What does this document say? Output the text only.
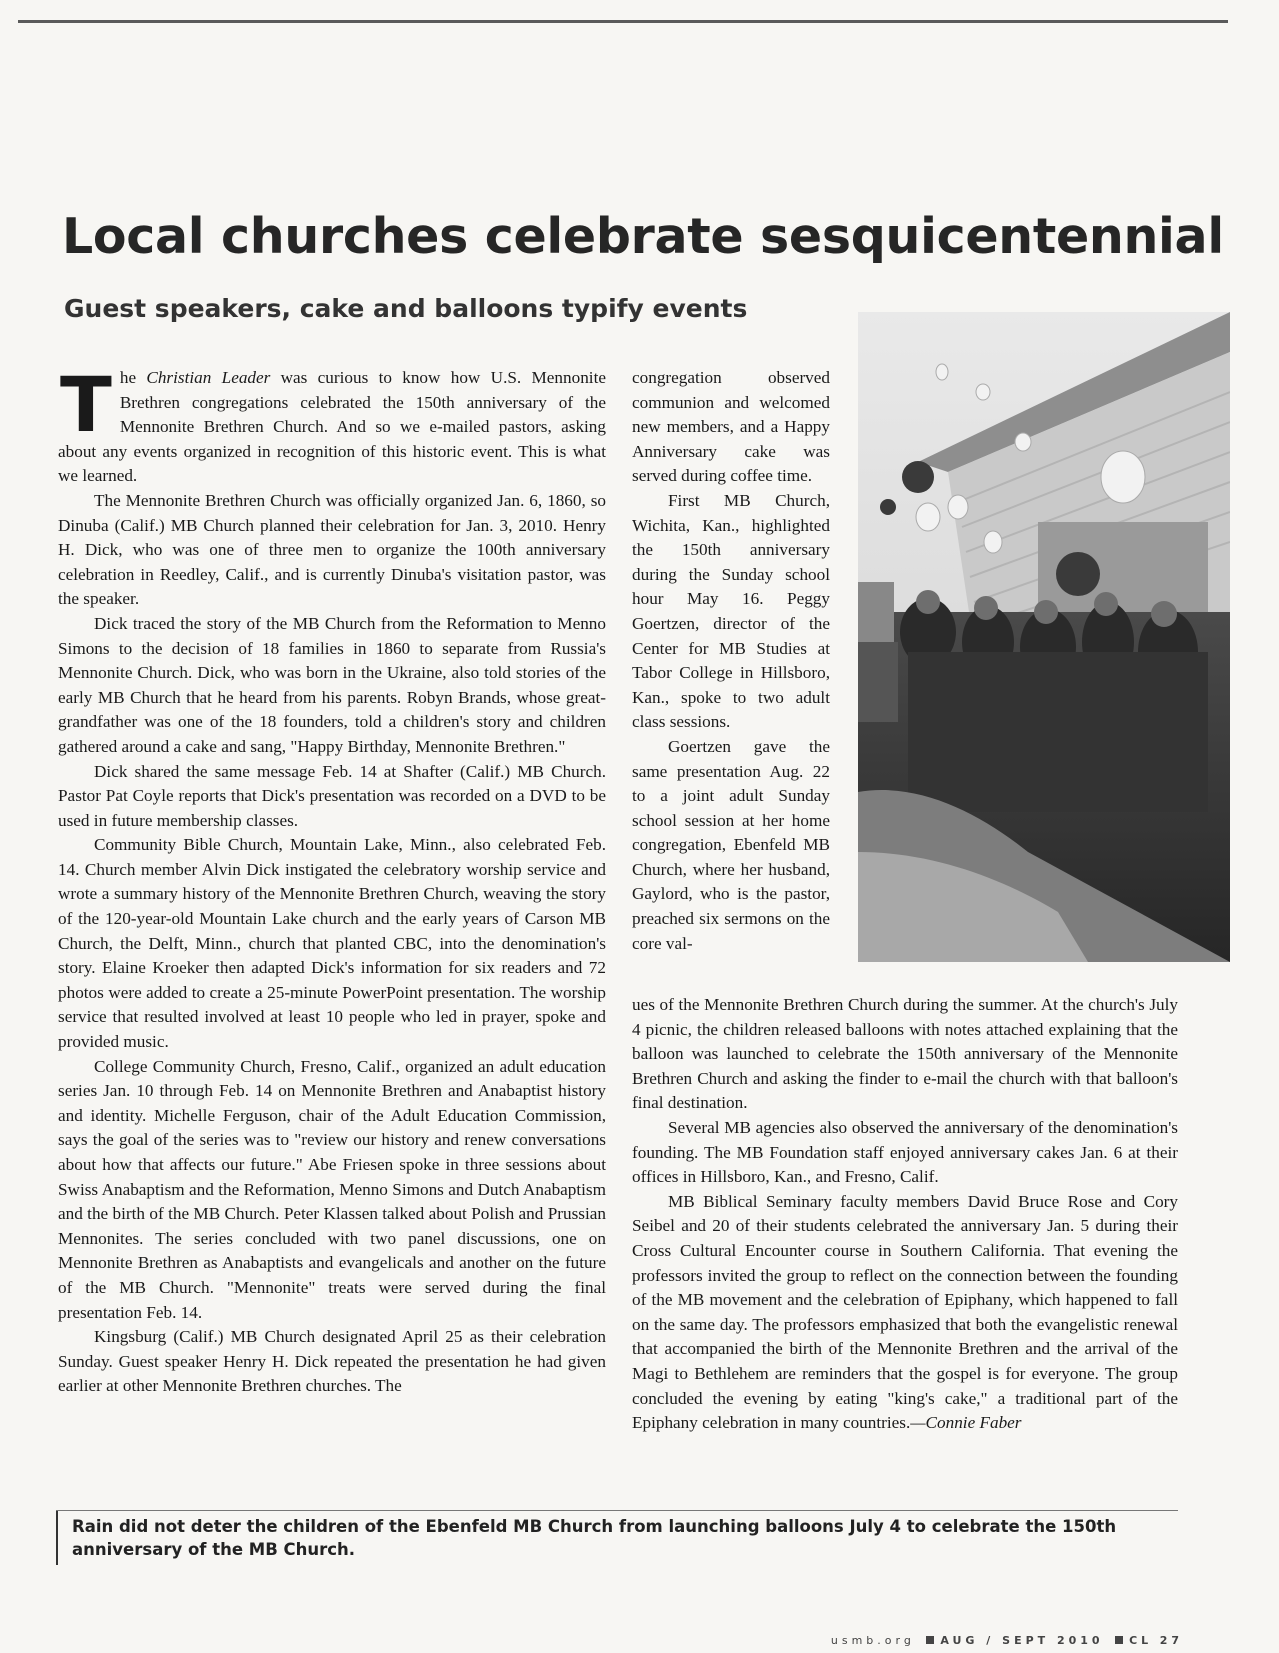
Local churches celebrate sesquicentennial
Guest speakers, cake and balloons typify events

The Christian Leader was curious to know how U.S. Mennonite Brethren congregations celebrated the 150th anniversary of the Mennonite Brethren Church. And so we e-mailed pastors, asking about any events organized in recognition of this historic event. This is what we learned.

The Mennonite Brethren Church was officially organized Jan. 6, 1860, so Dinuba (Calif.) MB Church planned their celebration for Jan. 3, 2010. Henry H. Dick, who was one of three men to organize the 100th anniversary celebration in Reedley, Calif., and is currently Dinuba's visitation pastor, was the speaker.

Dick traced the story of the MB Church from the Reformation to Menno Simons to the decision of 18 families in 1860 to separate from Russia's Mennonite Church. Dick, who was born in the Ukraine, also told stories of the early MB Church that he heard from his parents. Robyn Brands, whose great-grandfather was one of the 18 founders, told a children's story and children gathered around a cake and sang, "Happy Birthday, Mennonite Brethren."

Dick shared the same message Feb. 14 at Shafter (Calif.) MB Church. Pastor Pat Coyle reports that Dick's presentation was recorded on a DVD to be used in future membership classes.

Community Bible Church, Mountain Lake, Minn., also celebrated Feb. 14. Church member Alvin Dick instigated the celebratory worship service and wrote a summary history of the Mennonite Brethren Church, weaving the story of the 120-year-old Mountain Lake church and the early years of Carson MB Church, the Delft, Minn., church that planted CBC, into the denomination's story. Elaine Kroeker then adapted Dick's information for six readers and 72 photos were added to create a 25-minute PowerPoint presentation. The worship service that resulted involved at least 10 people who led in prayer, spoke and provided music.

College Community Church, Fresno, Calif., organized an adult education series Jan. 10 through Feb. 14 on Mennonite Brethren and Anabaptist history and identity. Michelle Ferguson, chair of the Adult Education Commission, says the goal of the series was to "review our history and renew conversations about how that affects our future." Abe Friesen spoke in three sessions about Swiss Anabaptism and the Reformation, Menno Simons and Dutch Anabaptism and the birth of the MB Church. Peter Klassen talked about Polish and Prussian Mennonites. The series concluded with two panel discussions, one on Mennonite Brethren as Anabaptists and evangelicals and another on the future of the MB Church. "Mennonite" treats were served during the final presentation Feb. 14.

Kingsburg (Calif.) MB Church designated April 25 as their celebration Sunday. Guest speaker Henry H. Dick repeated the presentation he had given earlier at other Mennonite Brethren churches. The

congregation observed communion and welcomed new members, and a Happy Anniversary cake was served during coffee time.

First MB Church, Wichita, Kan., highlighted the 150th anniversary during the Sunday school hour May 16. Peggy Goertzen, director of the Center for MB Studies at Tabor College in Hillsboro, Kan., spoke to two adult class sessions.

Goertzen gave the same presentation Aug. 22 to a joint adult Sunday school session at her home congregation, Ebenfeld MB Church, where her husband, Gaylord, who is the pastor, preached six sermons on the core val-

ues of the Mennonite Brethren Church during the summer. At the church's July 4 picnic, the children released balloons with notes attached explaining that the balloon was launched to celebrate the 150th anniversary of the Mennonite Brethren Church and asking the finder to e-mail the church with that balloon's final destination.

Several MB agencies also observed the anniversary of the denomination's founding. The MB Foundation staff enjoyed anniversary cakes Jan. 6 at their offices in Hillsboro, Kan., and Fresno, Calif.

MB Biblical Seminary faculty members David Bruce Rose and Cory Seibel and 20 of their students celebrated the anniversary Jan. 5 during their Cross Cultural Encounter course in Southern California. That evening the professors invited the group to reflect on the connection between the founding of the MB movement and the celebration of Epiphany, which happened to fall on the same day. The professors emphasized that both the evangelistic renewal that accompanied the birth of the Mennonite Brethren and the arrival of the Magi to Bethlehem are reminders that the gospel is for everyone. The group concluded the evening by eating "king's cake," a traditional part of the Epiphany celebration in many countries.—Connie Faber

Rain did not deter the children of the Ebenfeld MB Church from launching balloons July 4 to celebrate the 150th anniversary of the MB Church.

usmb.org AUG / SEPT 2010 CL 27
